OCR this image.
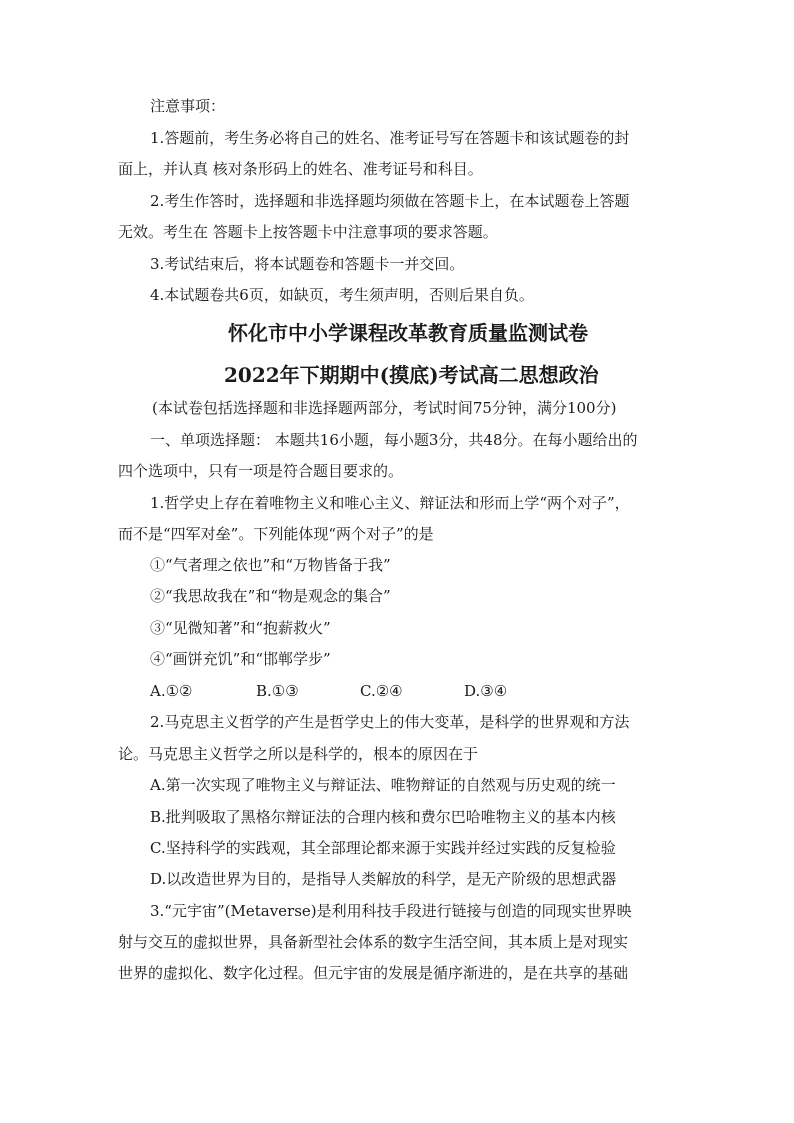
注意事项：
1.答题前，考生务必将自己的姓名、准考证号写在答题卡和该试题卷的封
面上，并认真 核对条形码上的姓名、准考证号和科目。
2.考生作答时，选择题和非选择题均须做在答题卡上，在本试题卷上答题
无效。考生在 答题卡上按答题卡中注意事项的要求答题。
3.考试结束后，将本试题卷和答题卡一并交回。
4.本试题卷共6页，如缺页，考生须声明，否则后果自负。
怀化市中小学课程改革教育质量监测试卷
2022年下期期中(摸底)考试高二思想政治
(本试卷包括选择题和非选择题两部分，考试时间75分钟，满分100分)
一、单项选择题： 本题共16小题，每小题3分，共48分。在每小题给出的
四个选项中，只有一项是符合题目要求的。
1.哲学史上存在着唯物主义和唯心主义、辩证法和形而上学“两个对子”，
而不是“四军对垒”。下列能体现“两个对子”的是
①“气者理之依也”和“万物皆备于我”
②“我思故我在”和“物是观念的集合”
③“见微知著”和“抱薪救火”
④“画饼充饥”和“邯郸学步”
A.①②	B.①③	C.②④	D.③④
2.马克思主义哲学的产生是哲学史上的伟大变革，是科学的世界观和方法
论。马克思主义哲学之所以是科学的，根本的原因在于
A.第一次实现了唯物主义与辩证法、唯物辩证的自然观与历史观的统一
B.批判吸取了黑格尔辩证法的合理内核和费尔巴哈唯物主义的基本内核
C.坚持科学的实践观，其全部理论都来源于实践并经过实践的反复检验
D.以改造世界为目的，是指导人类解放的科学，是无产阶级的思想武器
3.“元宇宙”(Metaverse)是利用科技手段进行链接与创造的同现实世界映
射与交互的虚拟世界，具备新型社会体系的数字生活空间，其本质上是对现实
世界的虚拟化、数字化过程。但元宇宙的发展是循序渐进的，是在共享的基础
